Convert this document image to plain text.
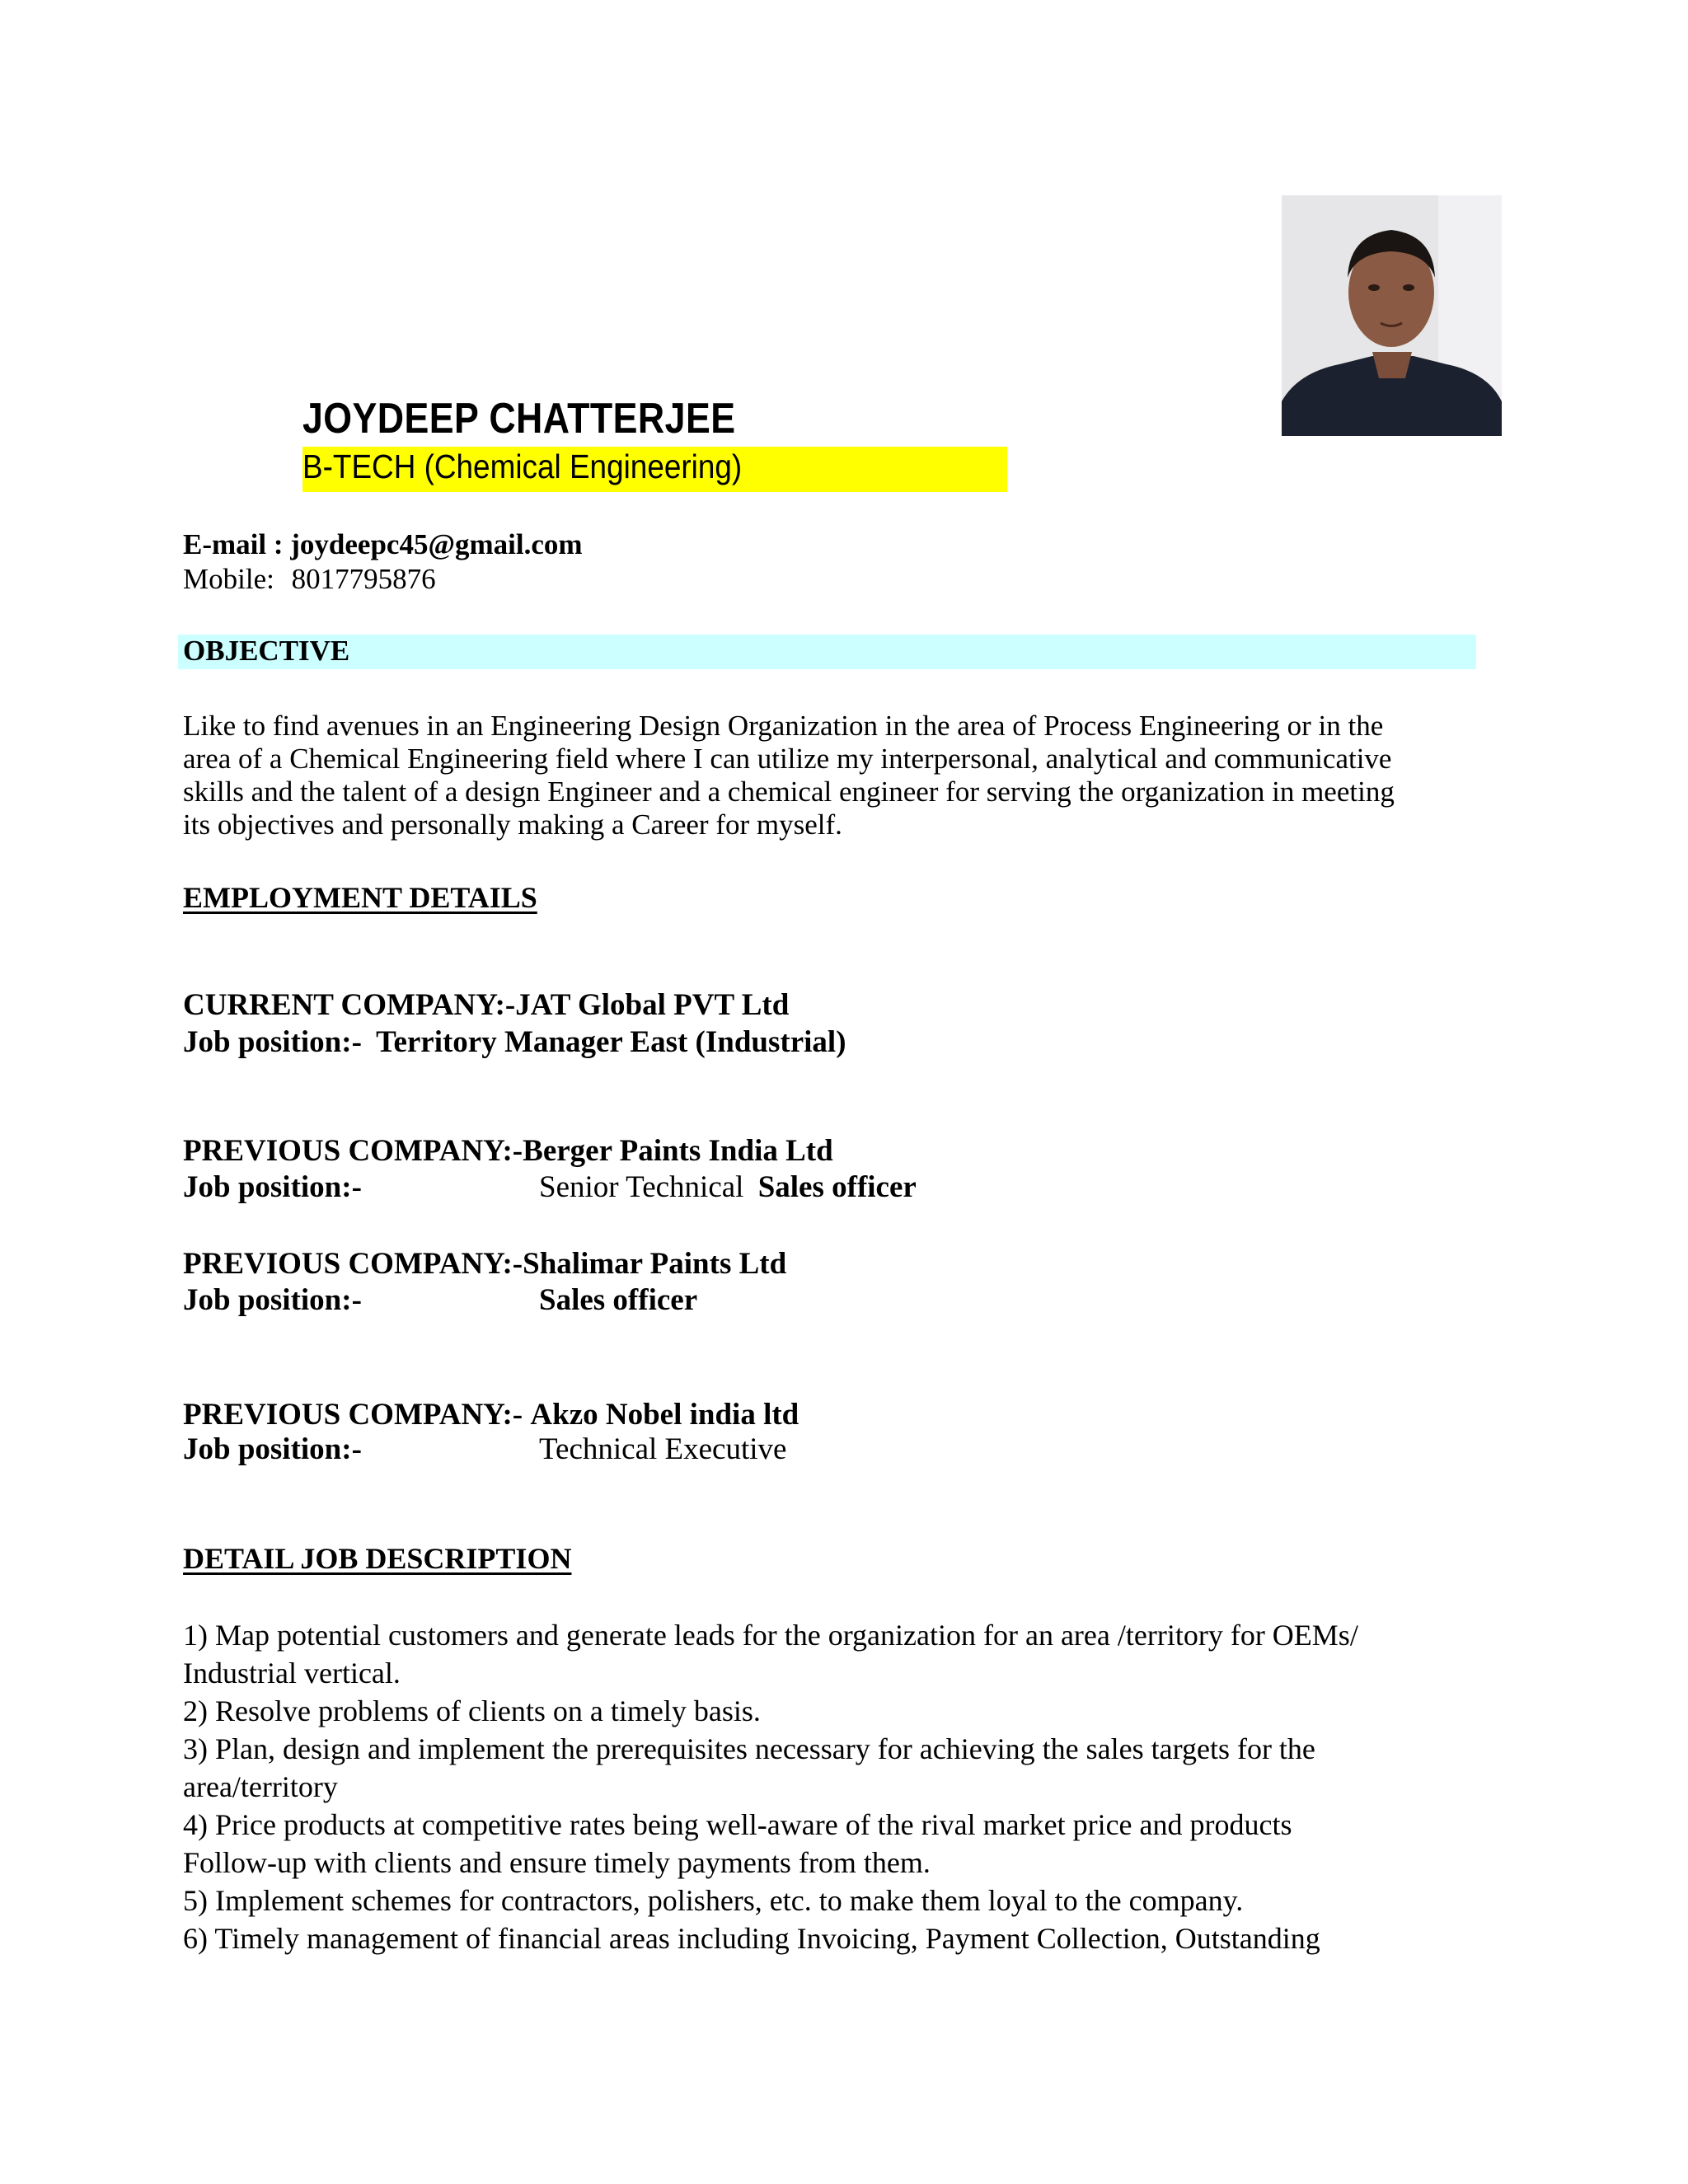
JOYDEEP CHATTERJEE
B-TECH (Chemical Engineering)
E-mail : joydeepc45@gmail.com
Mobile: 8017795876
OBJECTIVE
Like to find avenues in an Engineering Design Organization in the area of Process Engineering or in the
area of a Chemical Engineering field where I can utilize my interpersonal, analytical and communicative
skills and the talent of a design Engineer and a chemical engineer for serving the organization in meeting
its objectives and personally making a Career for myself.
EMPLOYMENT DETAILS
CURRENT COMPANY:-JAT Global PVT Ltd
Job position:- Territory Manager East (Industrial)
PREVIOUS COMPANY:-Berger Paints India Ltd
Job position:-	Senior Technical Sales officer
PREVIOUS COMPANY:-Shalimar Paints Ltd
Job position:-	Sales officer
PREVIOUS COMPANY:- Akzo Nobel india ltd
Job position:-	Technical Executive
DETAIL JOB DESCRIPTION
1) Map potential customers and generate leads for the organization for an area /territory for OEMs/
Industrial vertical.
2) Resolve problems of clients on a timely basis.
3) Plan, design and implement the prerequisites necessary for achieving the sales targets for the
area/territory
4) Price products at competitive rates being well-aware of the rival market price and products
Follow-up with clients and ensure timely payments from them.
5) Implement schemes for contractors, polishers, etc. to make them loyal to the company.
6) Timely management of financial areas including Invoicing, Payment Collection, Outstanding
